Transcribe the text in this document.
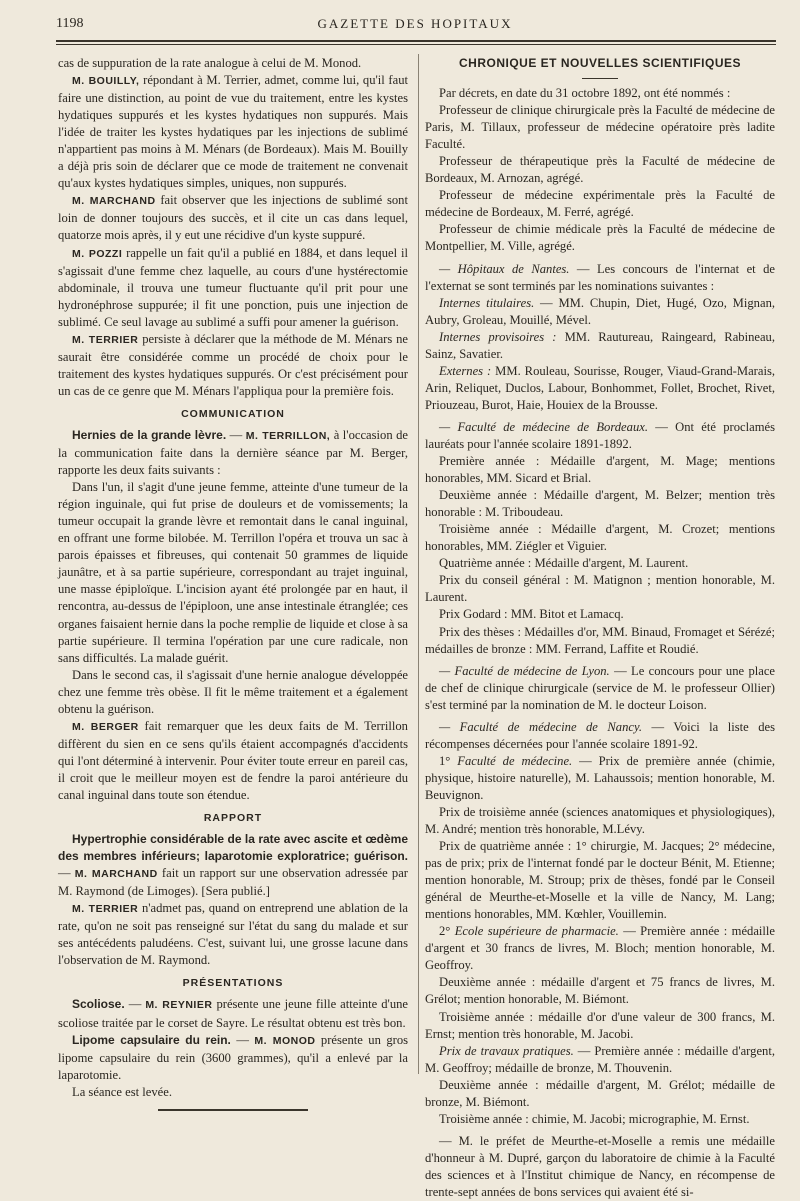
1198	GAZETTE DES HOPITAUX

cas de suppuration de la rate analogue à celui de M. Monod.

M. BOUILLY, répondant à M. Terrier, admet, comme lui, qu'il faut faire une distinction, au point de vue du traitement, entre les kystes hydatiques suppurés et les kystes hydatiques non suppurés. Mais l'idée de traiter les kystes hydatiques par les injections de sublimé n'appartient pas moins à M. Ménars (de Bordeaux). Mais M. Bouilly a déjà pris soin de déclarer que ce mode de traitement ne convenait qu'aux kystes hydatiques simples, uniques, non suppurés.

M. MARCHAND fait observer que les injections de sublimé sont loin de donner toujours des succès, et il cite un cas dans lequel, quatorze mois après, il y eut une récidive d'un kyste suppuré.

M. POZZI rappelle un fait qu'il a publié en 1884, et dans lequel il s'agissait d'une femme chez laquelle, au cours d'une hystérectomie abdominale, il trouva une tumeur fluctuante qu'il prit pour une hydronéphrose suppurée; il fit une ponction, puis une injection de sublimé. Ce seul lavage au sublimé a suffi pour amener la guérison.

M. TERRIER persiste à déclarer que la méthode de M. Ménars ne saurait être considérée comme un procédé de choix pour le traitement des kystes hydatiques suppurés. Or c'est précisément pour un cas de ce genre que M. Ménars l'appliqua pour la première fois.

COMMUNICATION

Hernies de la grande lèvre. — M. TERRILLON, à l'occasion de la communication faite dans la dernière séance par M. Berger, rapporte les deux faits suivants :

Dans l'un, il s'agit d'une jeune femme, atteinte d'une tumeur de la région inguinale, qui fut prise de douleurs et de vomissements; la tumeur occupait la grande lèvre et remontait dans le canal inguinal, en offrant une forme bilobée. M. Terrillon l'opéra et trouva un sac à parois épaisses et fibreuses, qui contenait 50 grammes de liquide jaunâtre, et à sa partie supérieure, correspondant au trajet inguinal, une masse épiploïque. L'incision ayant été prolongée par en haut, il rencontra, au-dessus de l'épiploon, une anse intestinale étranglée; ces organes faisaient hernie dans la poche remplie de liquide et close à sa partie supérieure. Il termina l'opération par une cure radicale, non sans difficultés. La malade guérit.

Dans le second cas, il s'agissait d'une hernie analogue développée chez une femme très obèse. Il fit le même traitement et a également obtenu la guérison.

M. BERGER fait remarquer que les deux faits de M. Terrillon diffèrent du sien en ce sens qu'ils étaient accompagnés d'accidents qui l'ont déterminé à intervenir. Pour éviter toute erreur en pareil cas, il croit que le meilleur moyen est de fendre la paroi antérieure du canal inguinal dans toute son étendue.

RAPPORT

Hypertrophie considérable de la rate avec ascite et œdème des membres inférieurs; laparotomie exploratrice; guérison. — M. MARCHAND fait un rapport sur une observation adressée par M. Raymond (de Limoges). [Sera publié.]

M. TERRIER n'admet pas, quand on entreprend une ablation de la rate, qu'on ne soit pas renseigné sur l'état du sang du malade et sur ses antécédents paludéens. C'est, suivant lui, une grosse lacune dans l'observation de M. Raymond.

PRÉSENTATIONS

Scoliose. — M. REYNIER présente une jeune fille atteinte d'une scoliose traitée par le corset de Sayre. Le résultat obtenu est très bon.

Lipome capsulaire du rein. — M. MONOD présente un gros lipome capsulaire du rein (3600 grammes), qu'il a enlevé par la laparotomie.

La séance est levée.

CHRONIQUE ET NOUVELLES SCIENTIFIQUES

Par décrets, en date du 31 octobre 1892, ont été nommés :

Professeur de clinique chirurgicale près la Faculté de médecine de Paris, M. Tillaux, professeur de médecine opératoire près ladite Faculté.

Professeur de thérapeutique près la Faculté de médecine de Bordeaux, M. Arnozan, agrégé.

Professeur de médecine expérimentale près la Faculté de médecine de Bordeaux, M. Ferré, agrégé.

Professeur de chimie médicale près la Faculté de médecine de Montpellier, M. Ville, agrégé.

— Hôpitaux de Nantes. — Les concours de l'internat et de l'externat se sont terminés par les nominations suivantes :

Internes titulaires. — MM. Chupin, Diet, Hugé, Ozo, Mignan, Aubry, Groleau, Mouillé, Mével.

Internes provisoires : MM. Rautureau, Raingeard, Rabineau, Sainz, Savatier.

Externes : MM. Rouleau, Sourisse, Rouger, Viaud-Grand-Marais, Arin, Reliquet, Duclos, Labour, Bonhommet, Follet, Brochet, Rivet, Priouzeau, Burot, Haie, Houiex de la Brousse.

— Faculté de médecine de Bordeaux. — Ont été proclamés lauréats pour l'année scolaire 1891-1892.

Première année : Médaille d'argent, M. Mage; mentions honorables, MM. Sicard et Brial.

Deuxième année : Médaille d'argent, M. Belzer; mention très honorable : M. Triboudeau.

Troisième année : Médaille d'argent, M. Crozet; mentions honorables, MM. Ziégler et Viguier.

Quatrième année : Médaille d'argent, M. Laurent.

Prix du conseil général : M. Matignon ; mention honorable, M. Laurent.

Prix Godard : MM. Bitot et Lamacq.

Prix des thèses : Médailles d'or, MM. Binaud, Fromaget et Sérézé; médailles de bronze : MM. Ferrand, Laffite et Roudié.

— Faculté de médecine de Lyon. — Le concours pour une place de chef de clinique chirurgicale (service de M. le professeur Ollier) s'est terminé par la nomination de M. le docteur Loison.

— Faculté de médecine de Nancy. — Voici la liste des récompenses décernées pour l'année scolaire 1891-92.

1° Faculté de médecine. — Prix de première année (chimie, physique, histoire naturelle), M. Lahaussois; mention honorable, M. Beuvignon.

Prix de troisième année (sciences anatomiques et physiologiques), M. André; mention très honorable, M.Lévy.

Prix de quatrième année : 1° chirurgie, M. Jacques; 2° médecine, pas de prix; prix de l'internat fondé par le docteur Bénit, M. Etienne; mention honorable, M. Stroup; prix de thèses, fondé par le Conseil général de Meurthe-et-Moselle et la ville de Nancy, M. Lang; mentions honorables, MM. Kœhler, Vouillemin.

2° Ecole supérieure de pharmacie. — Première année : médaille d'argent et 30 francs de livres, M. Bloch; mention honorable, M. Geoffroy.

Deuxième année : médaille d'argent et 75 francs de livres, M. Grélot; mention honorable, M. Biémont.

Troisième année : médaille d'or d'une valeur de 300 francs, M. Ernst; mention très honorable, M. Jacobi.

Prix de travaux pratiques. — Première année : médaille d'argent, M. Geoffroy; médaille de bronze, M. Thouvenin.

Deuxième année : médaille d'argent, M. Grélot; médaille de bronze, M. Biémont.

Troisième année : chimie, M. Jacobi; micrographie, M. Ernst.

— M. le préfet de Meurthe-et-Moselle a remis une médaille d'honneur à M. Dupré, garçon du laboratoire de chimie à la Faculté des sciences et à l'Institut chimique de Nancy, en récompense de trente-sept années de bons services qui avaient été si-
